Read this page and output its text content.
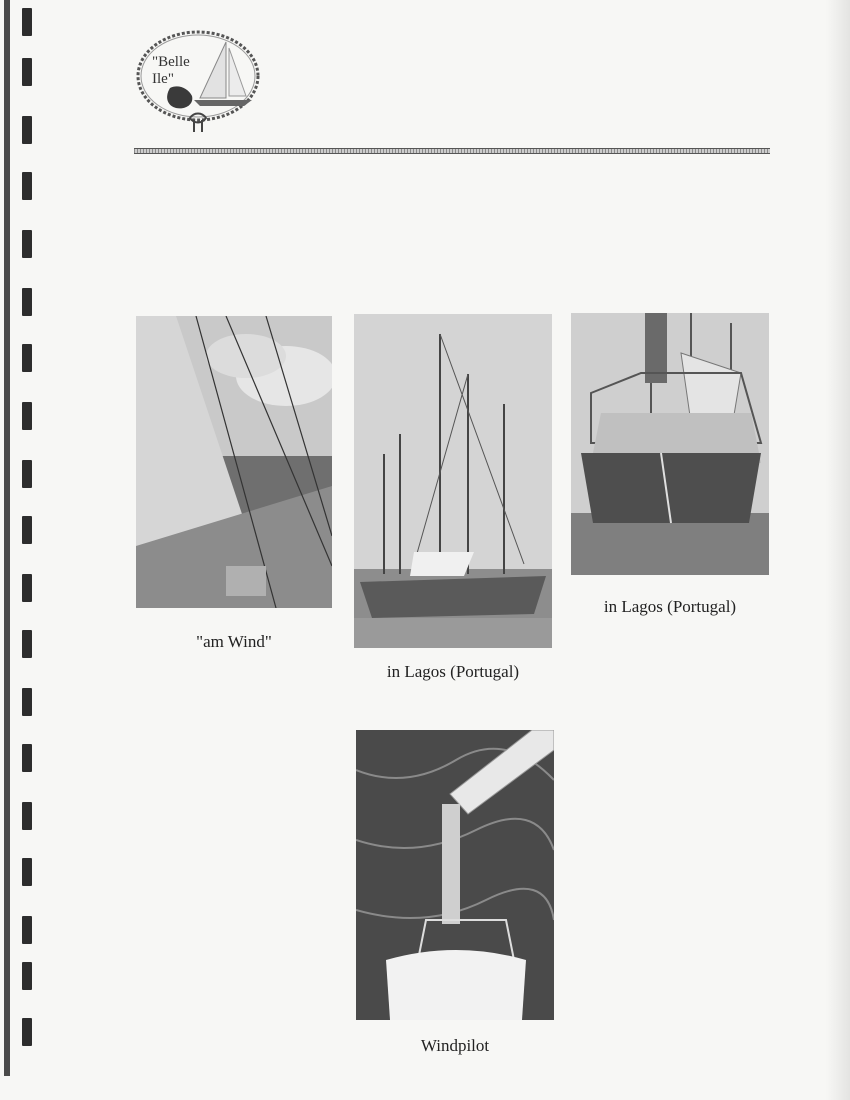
"Belle
Ile"
"am Wind"
in Lagos (Portugal)
in Lagos (Portugal)
Windpilot
